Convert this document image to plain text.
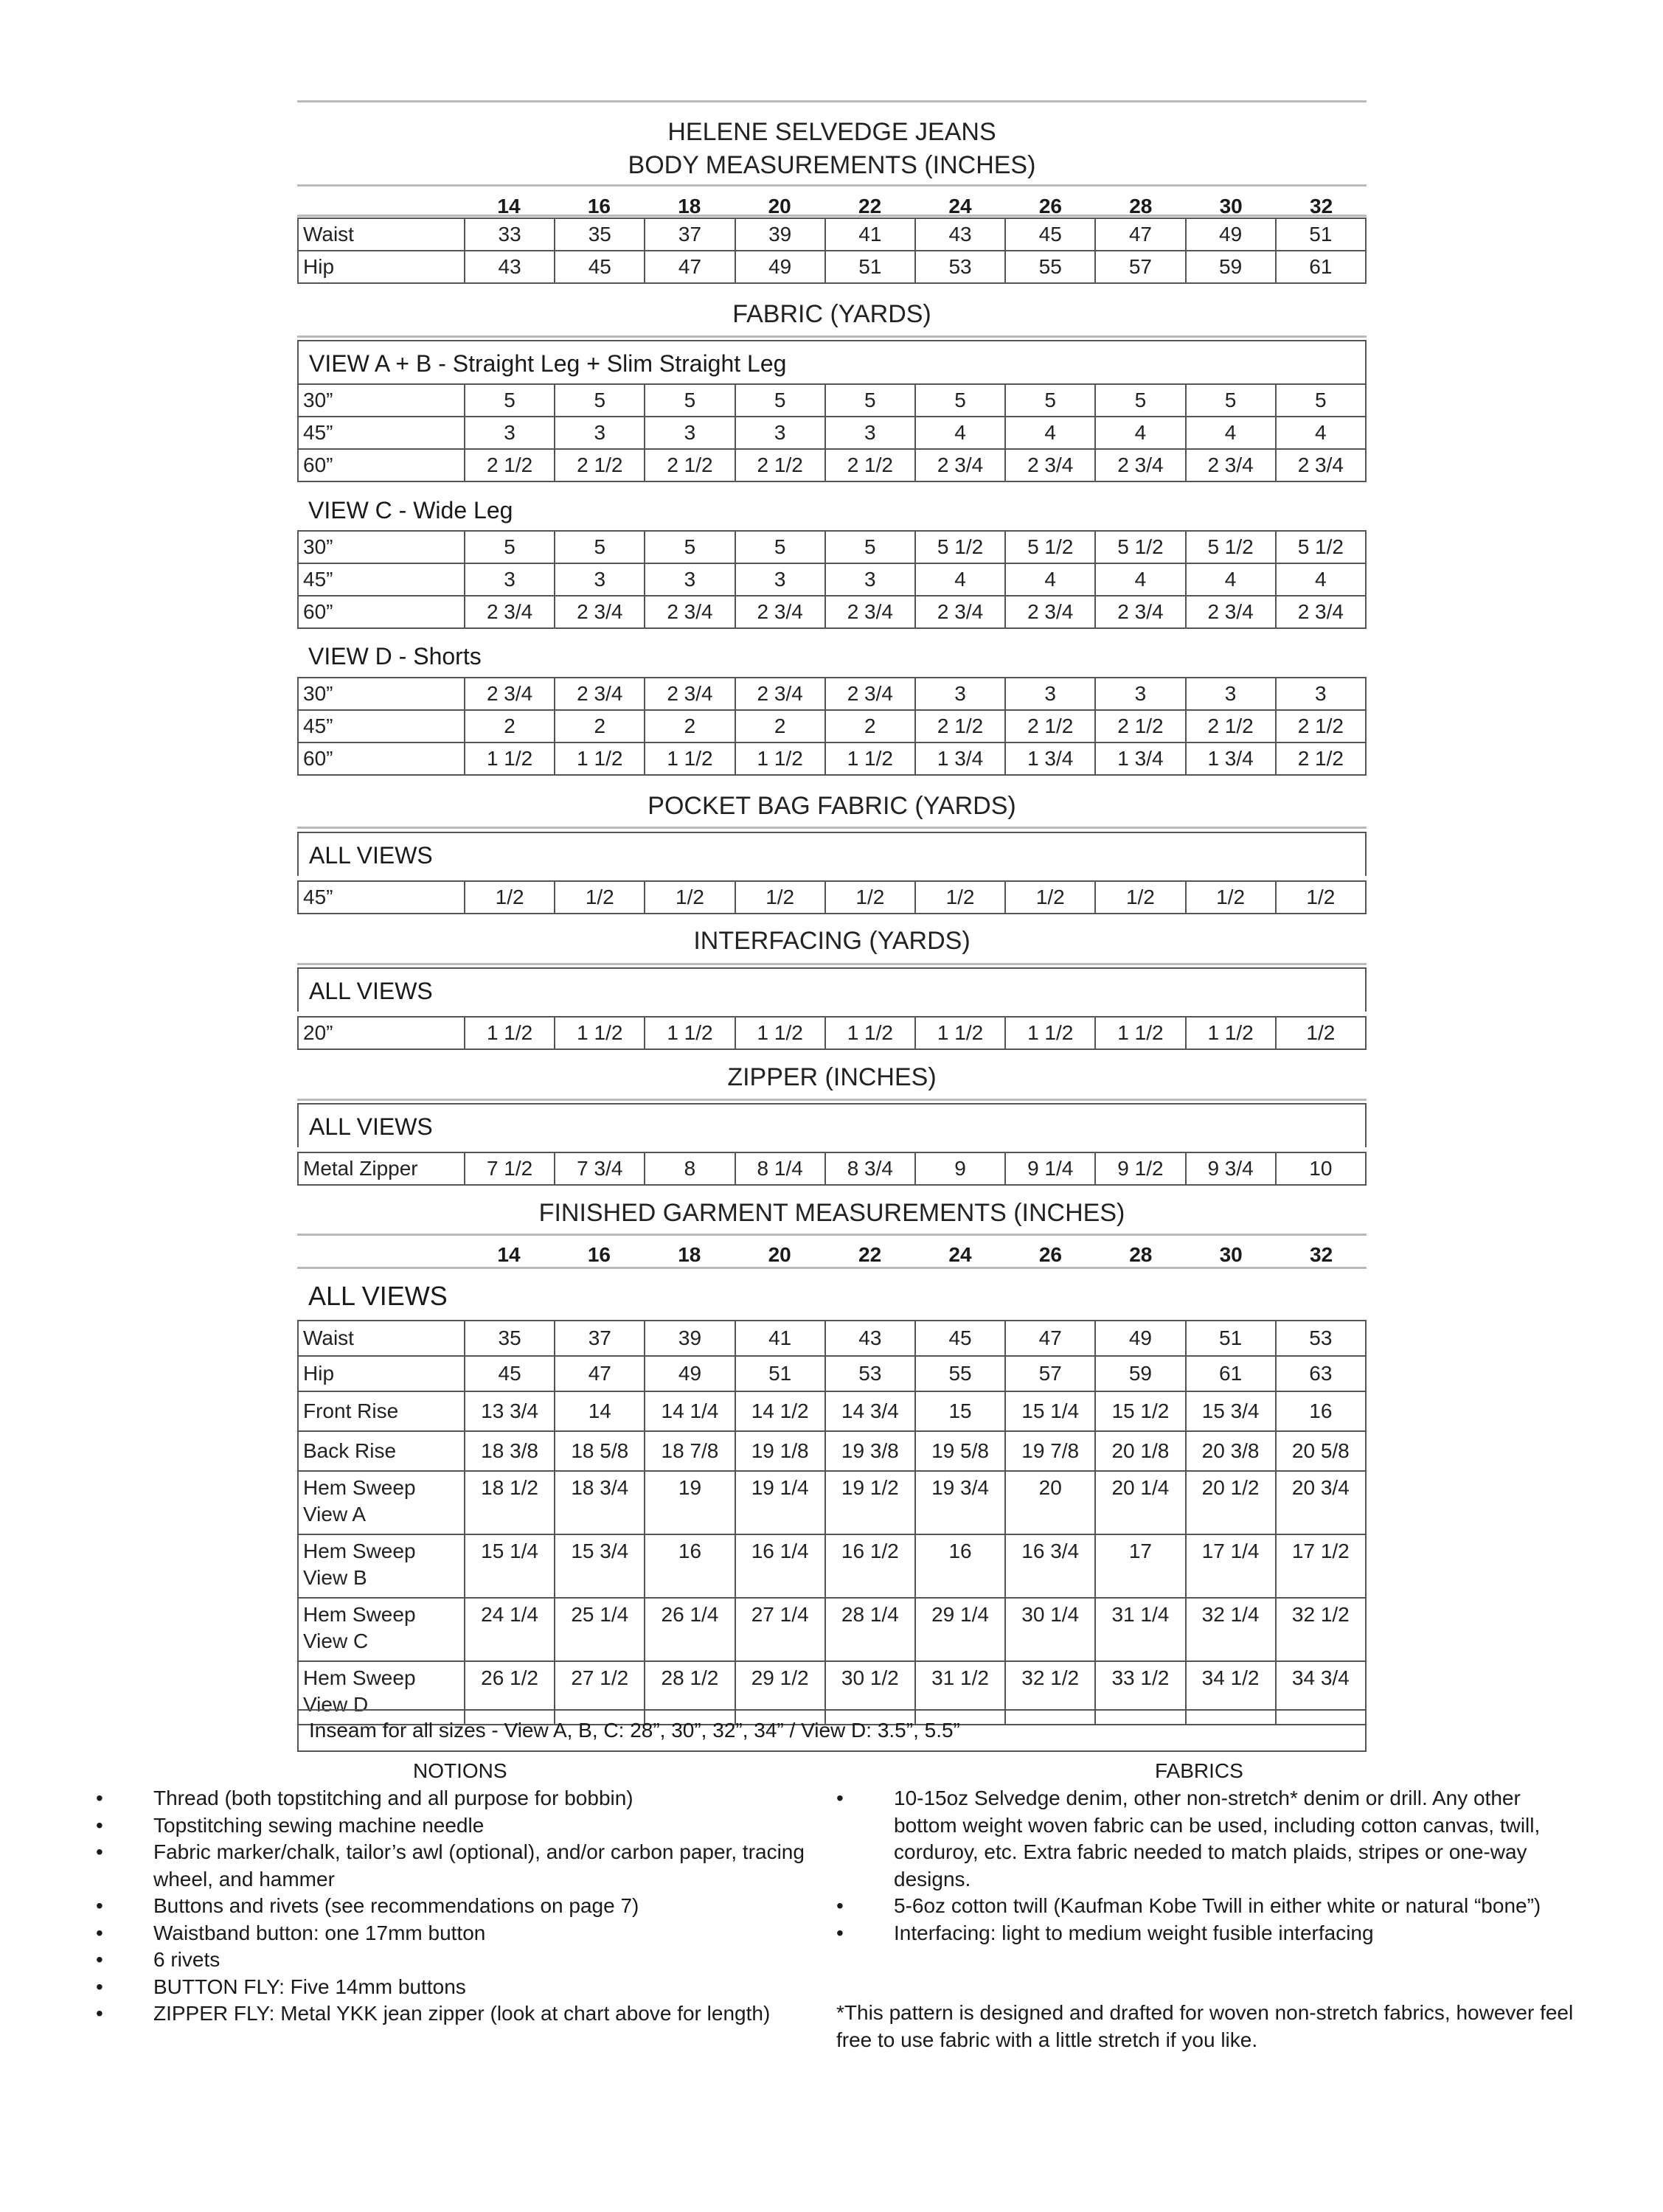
HELENE SELVEDGE JEANS
BODY MEASUREMENTS (INCHES)
14	16	18	20	22	24	26	28	30	32
Waist	33	35	37	39	41	43	45	47	49	51
Hip	43	45	47	49	51	53	55	57	59	61
FABRIC (YARDS)
VIEW A + B - Straight Leg + Slim Straight Leg
30”	5	5	5	5	5	5	5	5	5	5
45”	3	3	3	3	3	4	4	4	4	4
60”	2 1/2	2 1/2	2 1/2	2 1/2	2 1/2	2 3/4	2 3/4	2 3/4	2 3/4	2 3/4
VIEW C - Wide Leg
30”	5	5	5	5	5	5 1/2	5 1/2	5 1/2	5 1/2	5 1/2
45”	3	3	3	3	3	4	4	4	4	4
60”	2 3/4	2 3/4	2 3/4	2 3/4	2 3/4	2 3/4	2 3/4	2 3/4	2 3/4	2 3/4
VIEW D - Shorts
30”	2 3/4	2 3/4	2 3/4	2 3/4	2 3/4	3	3	3	3	3
45”	2	2	2	2	2	2 1/2	2 1/2	2 1/2	2 1/2	2 1/2
60”	1 1/2	1 1/2	1 1/2	1 1/2	1 1/2	1 3/4	1 3/4	1 3/4	1 3/4	2 1/2
POCKET BAG FABRIC (YARDS)
ALL VIEWS
45”	1/2	1/2	1/2	1/2	1/2	1/2	1/2	1/2	1/2	1/2
INTERFACING (YARDS)
ALL VIEWS
20”	1 1/2	1 1/2	1 1/2	1 1/2	1 1/2	1 1/2	1 1/2	1 1/2	1 1/2	1/2
ZIPPER (INCHES)
ALL VIEWS
Metal Zipper	7 1/2	7 3/4	8	8 1/4	8 3/4	9	9 1/4	9 1/2	9 3/4	10
FINISHED GARMENT MEASUREMENTS (INCHES)
14	16	18	20	22	24	26	28	30	32
ALL VIEWS
Waist	35	37	39	41	43	45	47	49	51	53
Hip	45	47	49	51	53	55	57	59	61	63
Front Rise	13 3/4	14	14 1/4	14 1/2	14 3/4	15	15 1/4	15 1/2	15 3/4	16
Back Rise	18 3/8	18 5/8	18 7/8	19 1/8	19 3/8	19 5/8	19 7/8	20 1/8	20 3/8	20 5/8
Hem Sweep View A	18 1/2	18 3/4	19	19 1/4	19 1/2	19 3/4	20	20 1/4	20 1/2	20 3/4
Hem Sweep View B	15 1/4	15 3/4	16	16 1/4	16 1/2	16	16 3/4	17	17 1/4	17 1/2
Hem Sweep View C	24 1/4	25 1/4	26 1/4	27 1/4	28 1/4	29 1/4	30 1/4	31 1/4	32 1/4	32 1/2
Hem Sweep View D	26 1/2	27 1/2	28 1/2	29 1/2	30 1/2	31 1/2	32 1/2	33 1/2	34 1/2	34 3/4
Inseam for all sizes - View A, B, C: 28”, 30”, 32”, 34” / View D: 3.5”, 5.5”
NOTIONS
• Thread (both topstitching and all purpose for bobbin)
• Topstitching sewing machine needle
• Fabric marker/chalk, tailor’s awl (optional), and/or carbon paper, tracing wheel, and hammer
• Buttons and rivets (see recommendations on page 7)
• Waistband button: one 17mm button
• 6 rivets
• BUTTON FLY: Five 14mm buttons
• ZIPPER FLY: Metal YKK jean zipper (look at chart above for length)
FABRICS
• 10-15oz Selvedge denim, other non-stretch* denim or drill. Any other bottom weight woven fabric can be used, including cotton canvas, twill, corduroy, etc. Extra fabric needed to match plaids, stripes or one-way designs.
• 5-6oz cotton twill (Kaufman Kobe Twill in either white or natural “bone”)
• Interfacing: light to medium weight fusible interfacing
*This pattern is designed and drafted for woven non-stretch fabrics, however feel free to use fabric with a little stretch if you like.
